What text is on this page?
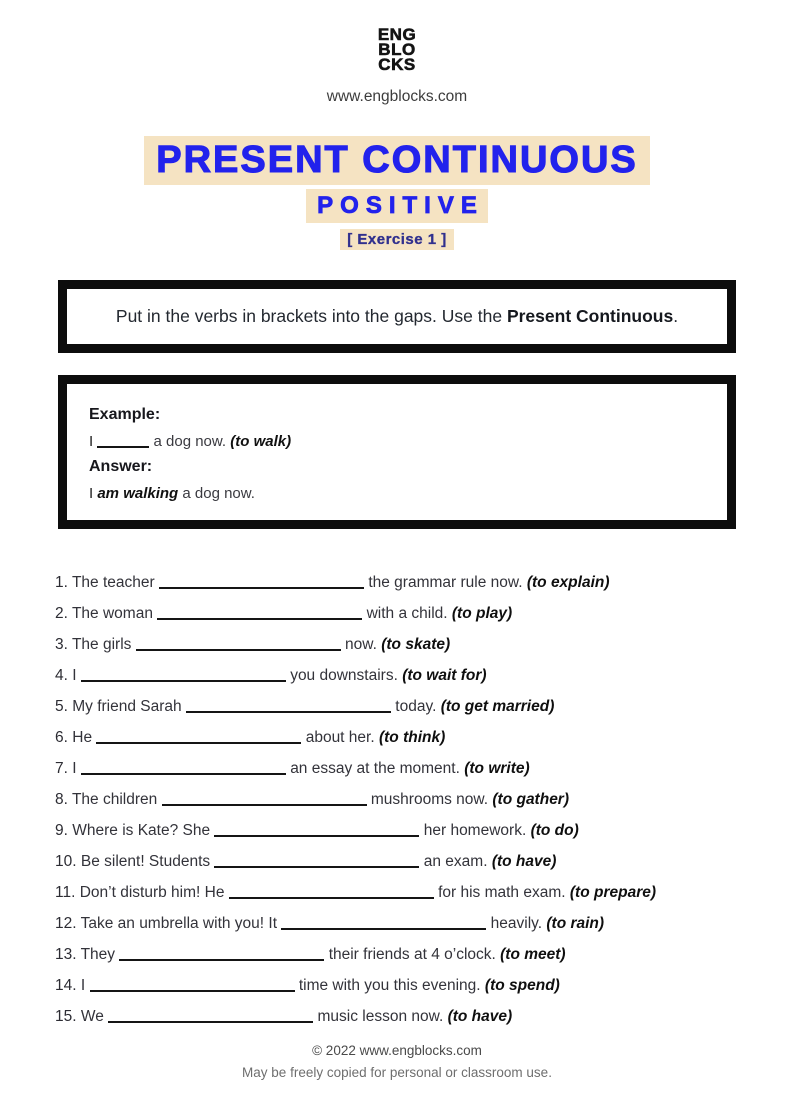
ENG
BLO
CKS
www.engblocks.com
PRESENT CONTINUOUS
POSITIVE
[ Exercise 1 ]
Put in the verbs in brackets into the gaps. Use the Present Continuous.
Example:
I	a dog now. (to walk)
Answer:
I am walking a dog now.
1. The teacher	the grammar rule now. (to explain)
2. The woman	with a child. (to play)
3. The girls	now. (to skate)
4. I	you downstairs. (to wait for)
5. My friend Sarah	today. (to get married)
6. He	about her. (to think)
7. I	an essay at the moment. (to write)
8. The children	mushrooms now. (to gather)
9. Where is Kate? She	her homework. (to do)
10. Be silent! Students	an exam. (to have)
11. Don’t disturb him! He	for his math exam. (to prepare)
12. Take an umbrella with you! It	heavily. (to rain)
13. They	their friends at 4 o’clock. (to meet)
14. I	time with you this evening. (to spend)
15. We	music lesson now. (to have)
© 2022 www.engblocks.com
May be freely copied for personal or classroom use.
